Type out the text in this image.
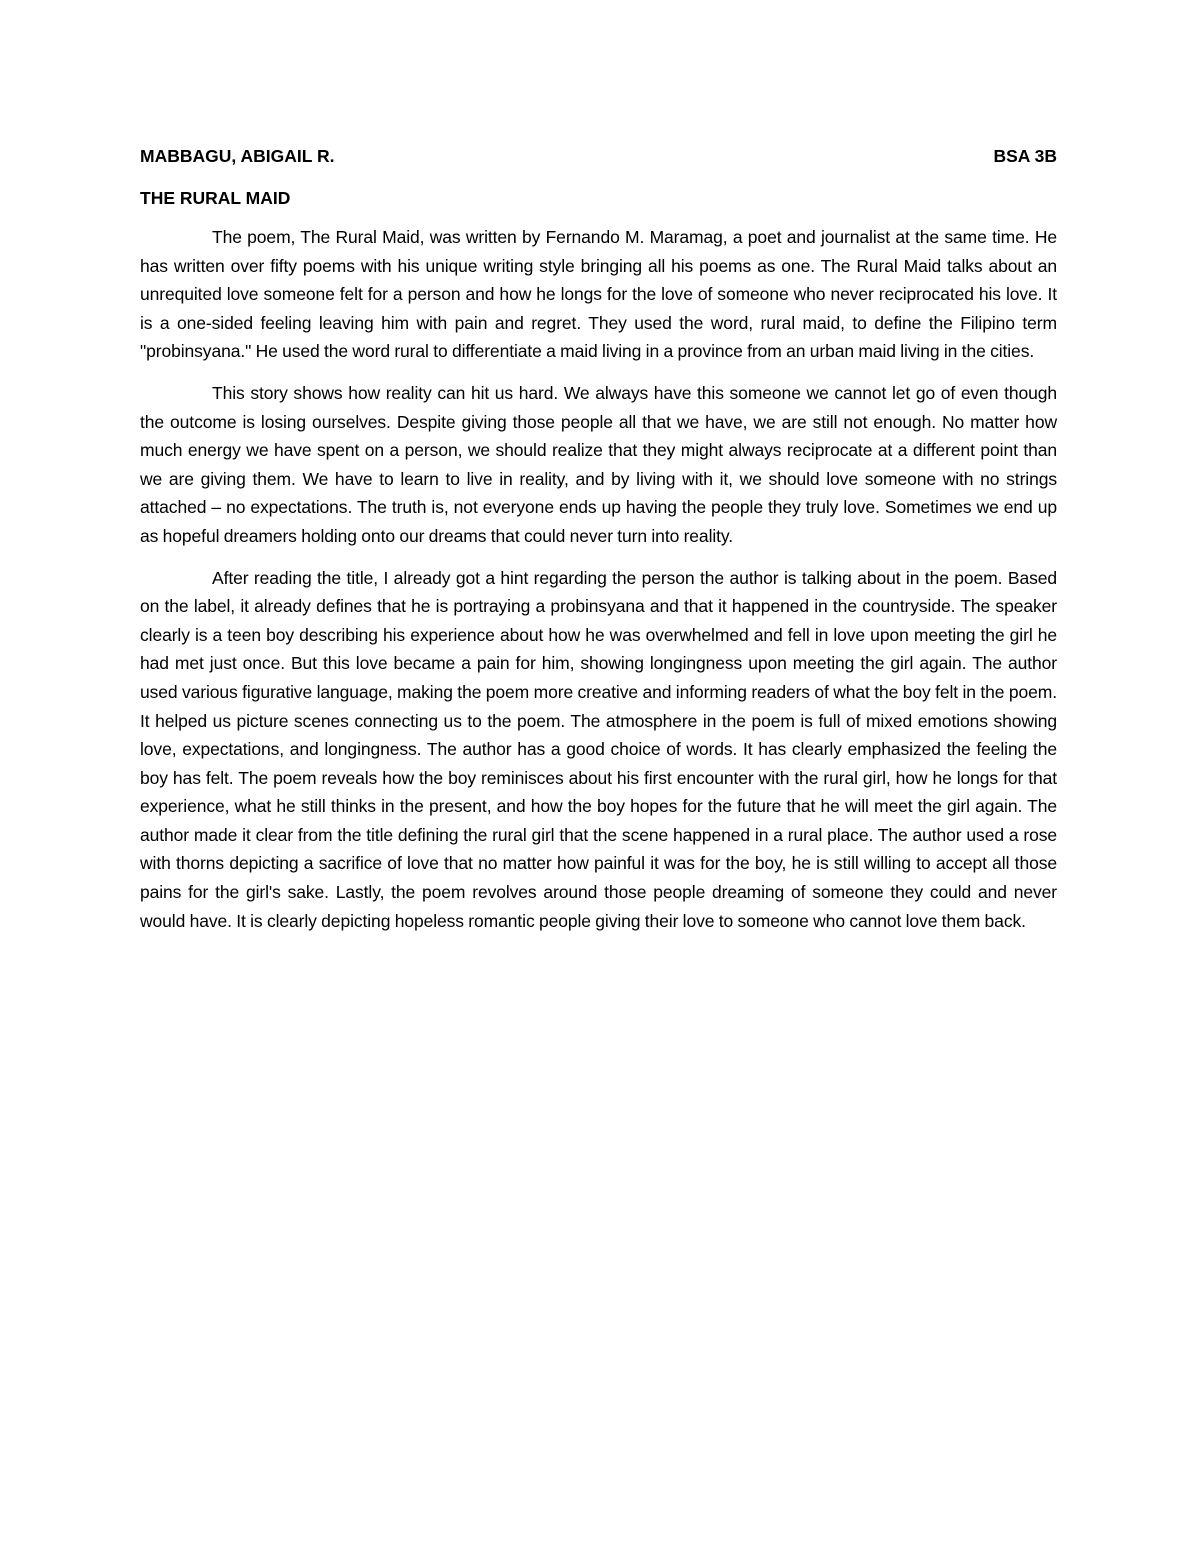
MABBAGU, ABIGAIL R.	BSA 3B
THE RURAL MAID

The poem, The Rural Maid, was written by Fernando M. Maramag, a poet and journalist at the same time. He has written over fifty poems with his unique writing style bringing all his poems as one. The Rural Maid talks about an unrequited love someone felt for a person and how he longs for the love of someone who never reciprocated his love. It is a one-sided feeling leaving him with pain and regret. They used the word, rural maid, to define the Filipino term "probinsyana." He used the word rural to differentiate a maid living in a province from an urban maid living in the cities.

This story shows how reality can hit us hard. We always have this someone we cannot let go of even though the outcome is losing ourselves. Despite giving those people all that we have, we are still not enough. No matter how much energy we have spent on a person, we should realize that they might always reciprocate at a different point than we are giving them. We have to learn to live in reality, and by living with it, we should love someone with no strings attached – no expectations. The truth is, not everyone ends up having the people they truly love. Sometimes we end up as hopeful dreamers holding onto our dreams that could never turn into reality.

After reading the title, I already got a hint regarding the person the author is talking about in the poem. Based on the label, it already defines that he is portraying a probinsyana and that it happened in the countryside. The speaker clearly is a teen boy describing his experience about how he was overwhelmed and fell in love upon meeting the girl he had met just once. But this love became a pain for him, showing longingness upon meeting the girl again. The author used various figurative language, making the poem more creative and informing readers of what the boy felt in the poem. It helped us picture scenes connecting us to the poem. The atmosphere in the poem is full of mixed emotions showing love, expectations, and longingness. The author has a good choice of words. It has clearly emphasized the feeling the boy has felt. The poem reveals how the boy reminisces about his first encounter with the rural girl, how he longs for that experience, what he still thinks in the present, and how the boy hopes for the future that he will meet the girl again. The author made it clear from the title defining the rural girl that the scene happened in a rural place. The author used a rose with thorns depicting a sacrifice of love that no matter how painful it was for the boy, he is still willing to accept all those pains for the girl's sake. Lastly, the poem revolves around those people dreaming of someone they could and never would have. It is clearly depicting hopeless romantic people giving their love to someone who cannot love them back.
